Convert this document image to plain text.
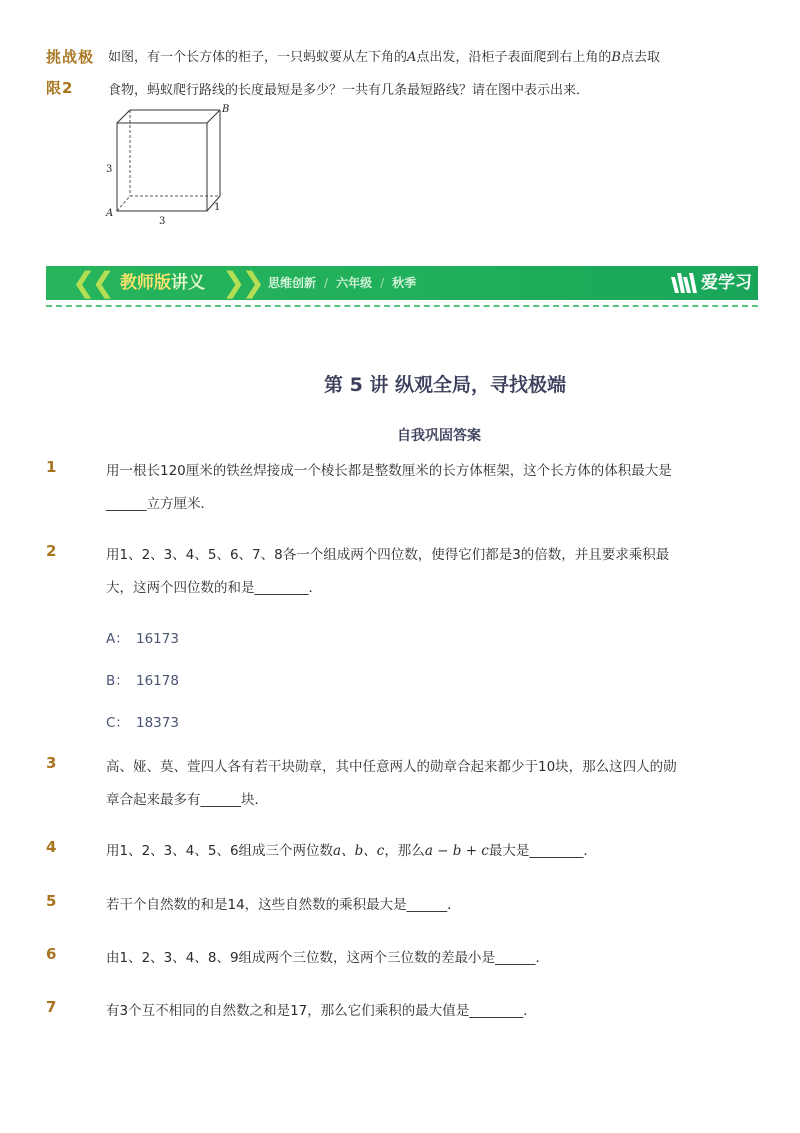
挑战极
限2
如图，有一个长方体的柜子，一只蚂蚁要从左下角的A点出发，沿柜子表面爬到右上角的B点去取
食物，蚂蚁爬行路线的长度最短是多少？一共有几条最短路线？请在图中表示出来．
B
A
3
3
1
❮❮	❯❯
教师版讲义	思维创新 / 六年级 / 秋季	爱学习
第 5 讲 纵观全局，寻找极端
自我巩固答案
1	用一根长120厘米的铁丝焊接成一个棱长都是整数厘米的长方体框架，这个长方体的体积最大是
______立方厘米．
2	用1、2、3、4、5、6、7、8各一个组成两个四位数，使得它们都是3的倍数，并且要求乘积最
大，这两个四位数的和是________．
A： 16173
B： 16178
C： 18373
3	高、娅、莫、萱四人各有若干块勋章，其中任意两人的勋章合起来都少于10块，那么这四人的勋
章合起来最多有______块．
4	用1、2、3、4、5、6组成三个两位数a、b、c，那么a − b + c最大是________．
5	若干个自然数的和是14，这些自然数的乘积最大是______．
6	由1、2、3、4、8、9组成两个三位数，这两个三位数的差最小是______．
7	有3个互不相同的自然数之和是17，那么它们乘积的最大值是________．
